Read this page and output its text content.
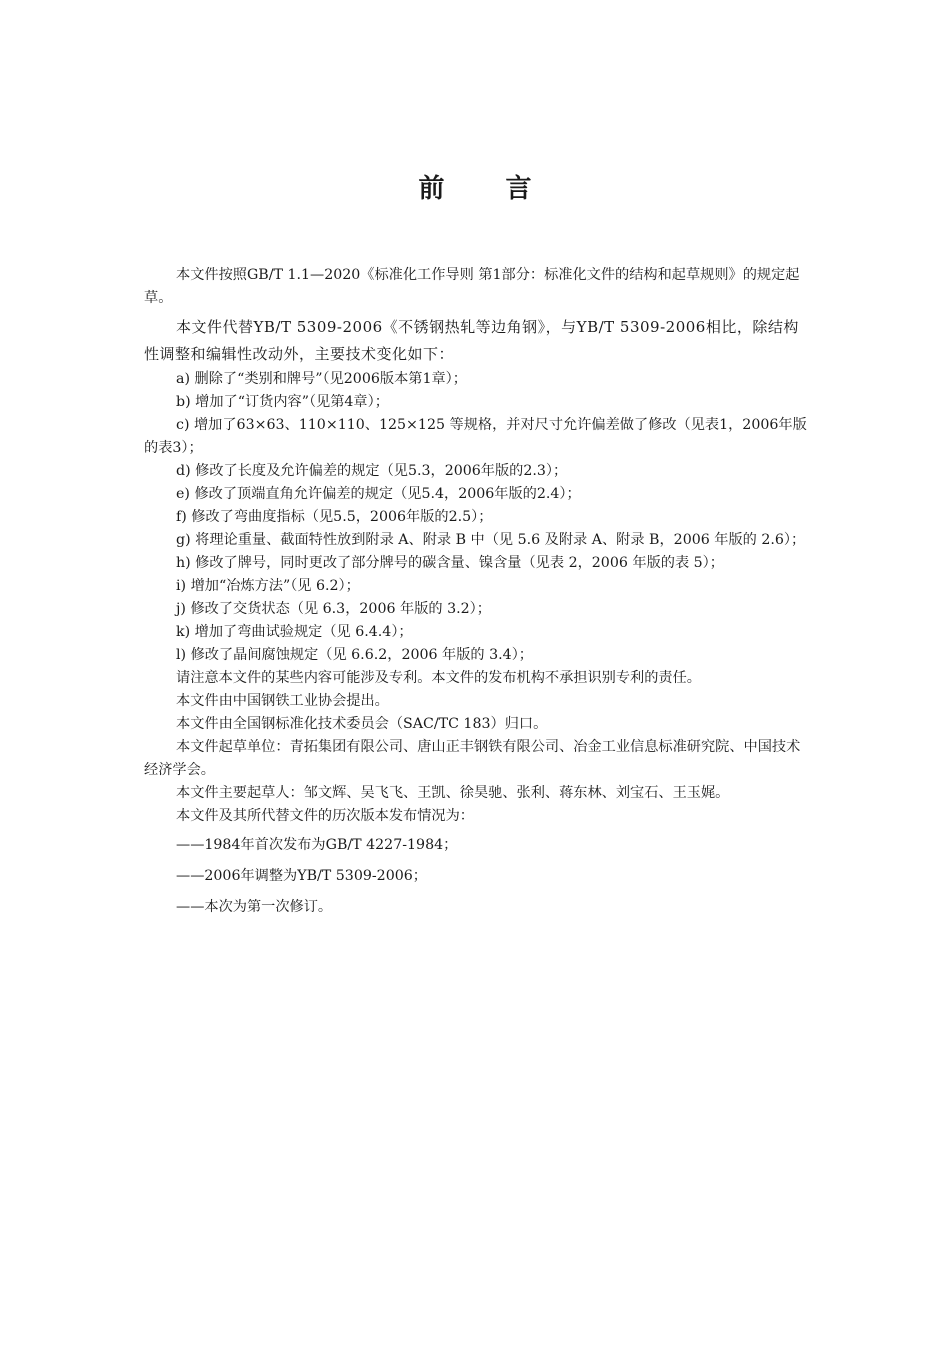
前 言

本文件按照GB/T 1.1—2020《标准化工作导则 第1部分：标准化文件的结构和起草规则》的规定起草。

本文件代替YB/T 5309-2006《不锈钢热轧等边角钢》，与YB/T 5309-2006相比，除结构性调整和编辑性改动外，主要技术变化如下：

a) 删除了“类别和牌号”（见2006版本第1章）；

b) 增加了“订货内容”（见第4章）；

c) 增加了63×63、110×110、125×125 等规格，并对尺寸允许偏差做了修改（见表1，2006年版的表3）；

d) 修改了长度及允许偏差的规定（见5.3，2006年版的2.3）；

e) 修改了顶端直角允许偏差的规定（见5.4，2006年版的2.4）；

f) 修改了弯曲度指标（见5.5，2006年版的2.5）；

g) 将理论重量、截面特性放到附录 A、附录 B 中（见 5.6 及附录 A、附录 B，2006 年版的 2.6）；

h) 修改了牌号，同时更改了部分牌号的碳含量、镍含量（见表 2，2006 年版的表 5）；

i) 增加“冶炼方法”（见 6.2）；

j) 修改了交货状态（见 6.3，2006 年版的 3.2）；

k) 增加了弯曲试验规定（见 6.4.4）；

l) 修改了晶间腐蚀规定（见 6.6.2，2006 年版的 3.4）；

请注意本文件的某些内容可能涉及专利。本文件的发布机构不承担识别专利的责任。

本文件由中国钢铁工业协会提出。

本文件由全国钢标准化技术委员会（SAC/TC 183）归口。

本文件起草单位：青拓集团有限公司、唐山正丰钢铁有限公司、冶金工业信息标准研究院、中国技术经济学会。

本文件主要起草人：邹文辉、吴飞飞、王凯、徐昊驰、张利、蒋东林、刘宝石、王玉娓。

本文件及其所代替文件的历次版本发布情况为：

——1984年首次发布为GB/T 4227-1984；

——2006年调整为YB/T 5309-2006；

——本次为第一次修订。
